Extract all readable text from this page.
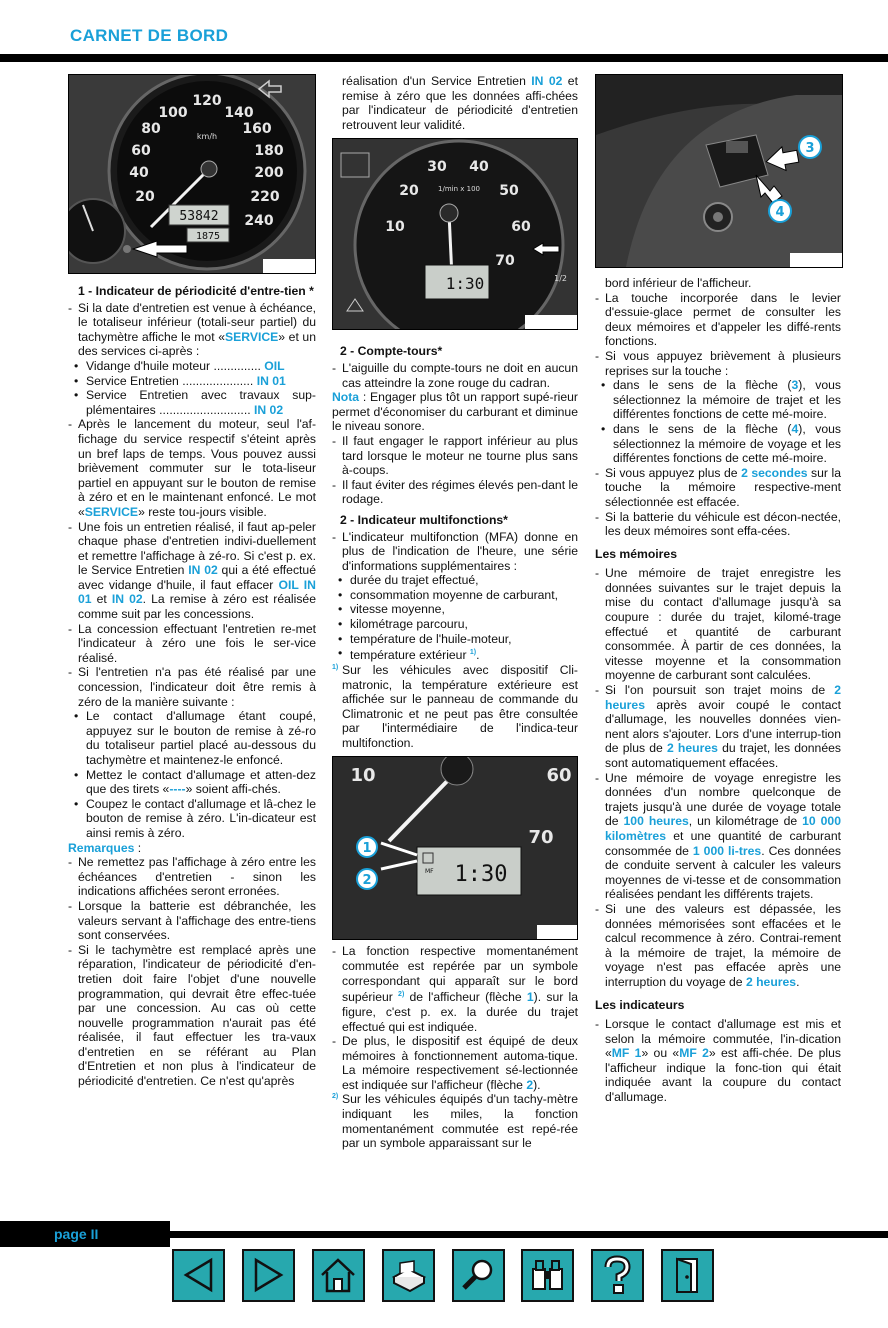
CARNET DE BORD
100
120
140
80	160
60	180
40	200
20	220
240
km/h
53842
1875
1 - Indicateur de périodicité d'entre-tien *

- Si la date d'entretien est venue à échéance, le totaliseur inférieur (totali-seur partiel) du tachymètre affiche le mot «SERVICE» et un des services ci-après :

• Vidange d'huile moteur .............. OIL

• Service Entretien ..................... IN 01

• Service Entretien avec travaux sup-plémentaires ........................... IN 02

- Après le lancement du moteur, seul l'af-fichage du service respectif s'éteint après un bref laps de temps. Vous pouvez aussi brièvement commuter sur le tota-liseur partiel en appuyant sur le bouton de remise à zéro et en le maintenant enfoncé. Le mot «SERVICE» reste tou-jours visible.

- Une fois un entretien réalisé, il faut ap-peler chaque phase d'entretien indivi-duellement et remettre l'affichage à zé-ro. Si c'est p. ex. le Service Entretien IN 02 qui a été effectué avec vidange d'huile, il faut effacer OIL IN 01 et IN 02. La remise à zéro est réalisée comme suit par les concessions.

- La concession effectuant l'entretien re-met l'indicateur à zéro une fois le ser-vice réalisé.

- Si l'entretien n'a pas été réalisé par une concession, l'indicateur doit être remis à zéro de la manière suivante :

• Le contact d'allumage étant coupé, appuyez sur le bouton de remise à zé-ro du totaliseur partiel placé au-dessous du tachymètre et maintenez-le enfoncé.

• Mettez le contact d'allumage et atten-dez que des tirets «----» soient affi-chés.

• Coupez le contact d'allumage et lâ-chez le bouton de remise à zéro. L'in-dicateur est ainsi remis à zéro.

Remarques :

- Ne remettez pas l'affichage à zéro entre les échéances d'entretien - sinon les indications affichées seront erronées.

- Lorsque la batterie est débranchée, les valeurs servant à l'affichage des entre-tiens sont conservées.

- Si le tachymètre est remplacé après une réparation, l'indicateur de périodicité d'en-tretien doit faire l'objet d'une nouvelle programmation, qui devrait être effec-tuée par une concession. Au cas où cette nouvelle programmation n'aurait pas été réalisée, il faut effectuer les tra-vaux d'entretien en se référant au Plan d'Entretien et non plus à l'indicateur de périodicité d'entretien. Ce n'est qu'après

réalisation d'un Service Entretien IN 02 et remise à zéro que les données affi-chées par l'indicateur de périodicité d'entretien retrouvent leur validité.

30 40
20	50
10	60
70
1/min x 100
1:30	1/2
2 - Compte-tours*

- L'aiguille du compte-tours ne doit en aucun cas atteindre la zone rouge du cadran.

Nota : Engager plus tôt un rapport supé-rieur permet d'économiser du carburant et diminue le niveau sonore.

- Il faut engager le rapport inférieur au plus tard lorsque le moteur ne tourne plus sans à-coups.

- Il faut éviter des régimes élevés pen-dant le rodage.

2 - Indicateur multifonctions*

- L'indicateur multifonction (MFA) donne en plus de l'indication de l'heure, une série d'informations supplémentaires :

• durée du trajet effectué,

• consommation moyenne de carburant,

• vitesse moyenne,

• kilométrage parcouru,

• température de l'huile-moteur,

• température extérieur $^{1)}$.

1) Sur les véhicules avec dispositif Cli-matronic, la température extérieure est affichée sur le panneau de commande du Climatronic et ne peut pas être consultée par l'intermédiaire de l'indica-teur multifonction.

10	60
70
MF 1:30
1
2

- La fonction respective momentanément commutée est repérée par un symbole correspondant qui apparaît sur le bord supérieur $^{2)}$ de l'afficheur (flèche 1). sur la figure, c'est p. ex. la durée du trajet effectué qui est indiquée.

- De plus, le dispositif est équipé de deux mémoires à fonctionnement automa-tique. La mémoire respectivement sé-lectionnée est indiquée sur l'afficheur (flèche 2).

2) Sur les véhicules équipés d'un tachy-mètre indiquant les miles, la fonction momentanément commutée est repé-rée par un symbole apparaissant sur le

3
4

bord inférieur de l'afficheur.

- La touche incorporée dans le levier d'essuie-glace permet de consulter les deux mémoires et d'appeler les diffé-rents fonctions.

- Si vous appuyez brièvement à plusieurs reprises sur la touche :

• dans le sens de la flèche (3), vous sélectionnez la mémoire de trajet et les différentes fonctions de cette mé-moire.

• dans le sens de la flèche (4), vous sélectionnez la mémoire de voyage et les différentes fonctions de cette mé-moire.

- Si vous appuyez plus de 2 secondes sur la touche la mémoire respective-ment sélectionnée est effacée.

- Si la batterie du véhicule est décon-nectée, les deux mémoires sont effa-cées.

Les mémoires

- Une mémoire de trajet enregistre les données suivantes sur le trajet depuis la mise du contact d'allumage jusqu'à sa coupure : durée du trajet, kilomé-trage effectué et quantité de carburant consommée. À partir de ces données, la vitesse moyenne et la consommation moyenne de carburant sont calculées.

- Si l'on poursuit son trajet moins de 2 heures après avoir coupé le contact d'allumage, les nouvelles données vien-nent alors s'ajouter. Lors d'une interrup-tion de plus de 2 heures du trajet, les données sont automatiquement effacées.

- Une mémoire de voyage enregistre les données d'un nombre quelconque de trajets jusqu'à une durée de voyage totale de 100 heures, un kilométrage de 10 000 kilomètres et une quantité de carburant consommée de 1 000 li-tres. Ces données de conduite servent à calculer les valeurs moyennes de vi-tesse et de consommation réalisées pendant les différents trajets.

- Si une des valeurs est dépassée, les données mémorisées sont effacées et le calcul recommence à zéro. Contrai-rement à la mémoire de trajet, la mémoire de voyage n'est pas effacée après une interruption du voyage de 2 heures.

Les indicateurs

- Lorsque le contact d'allumage est mis et selon la mémoire commutée, l'in-dication «MF 1» ou «MF 2» est affi-chée. De plus l'afficheur indique la fonc-tion qui était indiquée avant la coupure du contact d'allumage.

page II
